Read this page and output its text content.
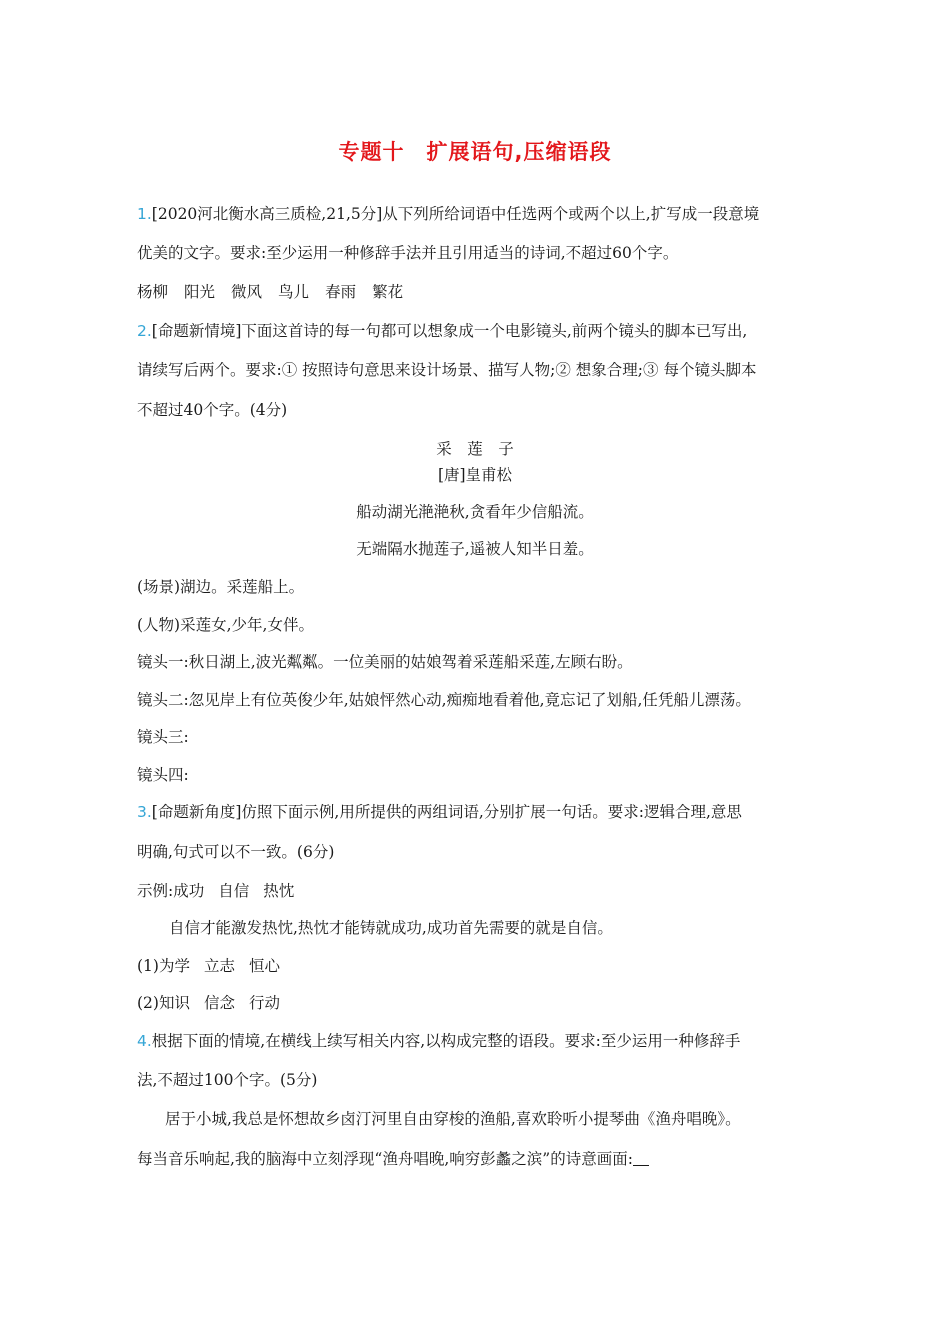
专题十 扩展语句,压缩语段
1.[2020河北衡水高三质检,21,5分]从下列所给词语中任选两个或两个以上,扩写成一段意境
优美的文字。要求:至少运用一种修辞手法并且引用适当的诗词,不超过60个字。
杨柳 阳光 微风 鸟儿 春雨 繁花
2.[命题新情境]下面这首诗的每一句都可以想象成一个电影镜头,前两个镜头的脚本已写出,
请续写后两个。要求:① 按照诗句意思来设计场景、描写人物;② 想象合理;③ 每个镜头脚本
不超过40个字。(4分)
采　莲　子
[唐]皇甫松
船动湖光滟滟秋,贪看年少信船流。
无端隔水抛莲子,遥被人知半日羞。
(场景)湖边。采莲船上。
(人物)采莲女,少年,女伴。
镜头一:秋日湖上,波光粼粼。一位美丽的姑娘驾着采莲船采莲,左顾右盼。
镜头二:忽见岸上有位英俊少年,姑娘怦然心动,痴痴地看着他,竟忘记了划船,任凭船儿漂荡。
镜头三:
镜头四:
3.[命题新角度]仿照下面示例,用所提供的两组词语,分别扩展一句话。要求:逻辑合理,意思
明确,句式可以不一致。(6分)
示例:成功 自信 热忱
自信才能激发热忱,热忱才能铸就成功,成功首先需要的就是自信。
(1)为学 立志 恒心
(2)知识 信念 行动
4.根据下面的情境,在横线上续写相关内容,以构成完整的语段。要求:至少运用一种修辞手
法,不超过100个字。(5分)
居于小城,我总是怀想故乡卤汀河里自由穿梭的渔船,喜欢聆听小提琴曲《渔舟唱晚》。
每当音乐响起,我的脑海中立刻浮现“渔舟唱晚,响穷彭蠡之滨”的诗意画面:
